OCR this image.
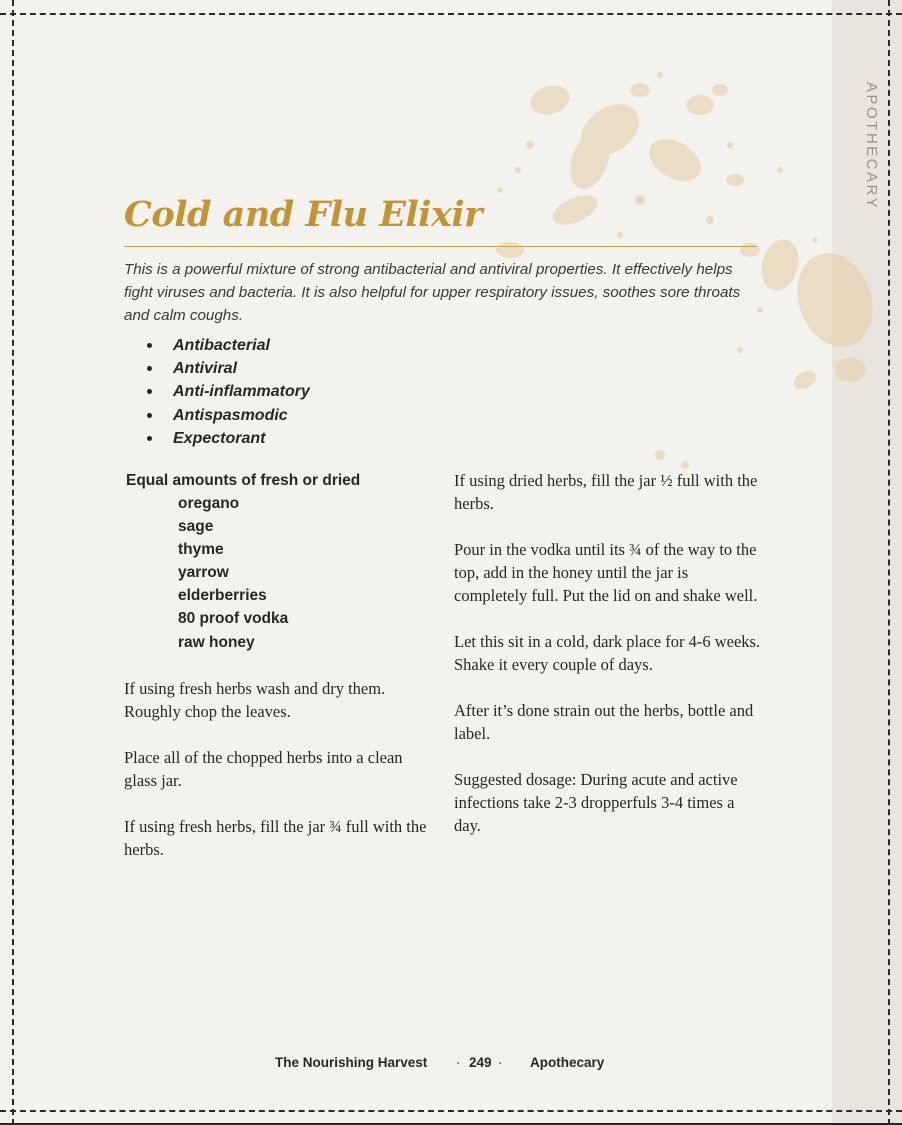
APOTHECARY
Cold and Flu Elixir
This is a powerful mixture of strong antibacterial and antiviral properties. It effectively helps fight viruses and bacteria. It is also helpful for upper respiratory issues, soothes sore throats and calm coughs.
Antibacterial
Antiviral
Anti-inflammatory
Antispasmodic
Expectorant
Equal amounts of fresh or dried
oregano
sage
thyme
yarrow
elderberries
80 proof vodka
raw honey

If using fresh herbs wash and dry them. Roughly chop the leaves.

Place all of the chopped herbs into a clean glass jar.

If using fresh herbs, fill the jar ¾ full with the herbs.

If using dried herbs, fill the jar ½ full with the herbs.

Pour in the vodka until its ¾ of the way to the top, add in the honey until the jar is completely full. Put the lid on and shake well.

Let this sit in a cold, dark place for 4-6 weeks. Shake it every couple of days.

After it’s done strain out the herbs, bottle and label.

Suggested dosage: During acute and active infections take 2-3 dropperfuls 3-4 times a day.

The Nourishing Harvest · 249 · Apothecary
